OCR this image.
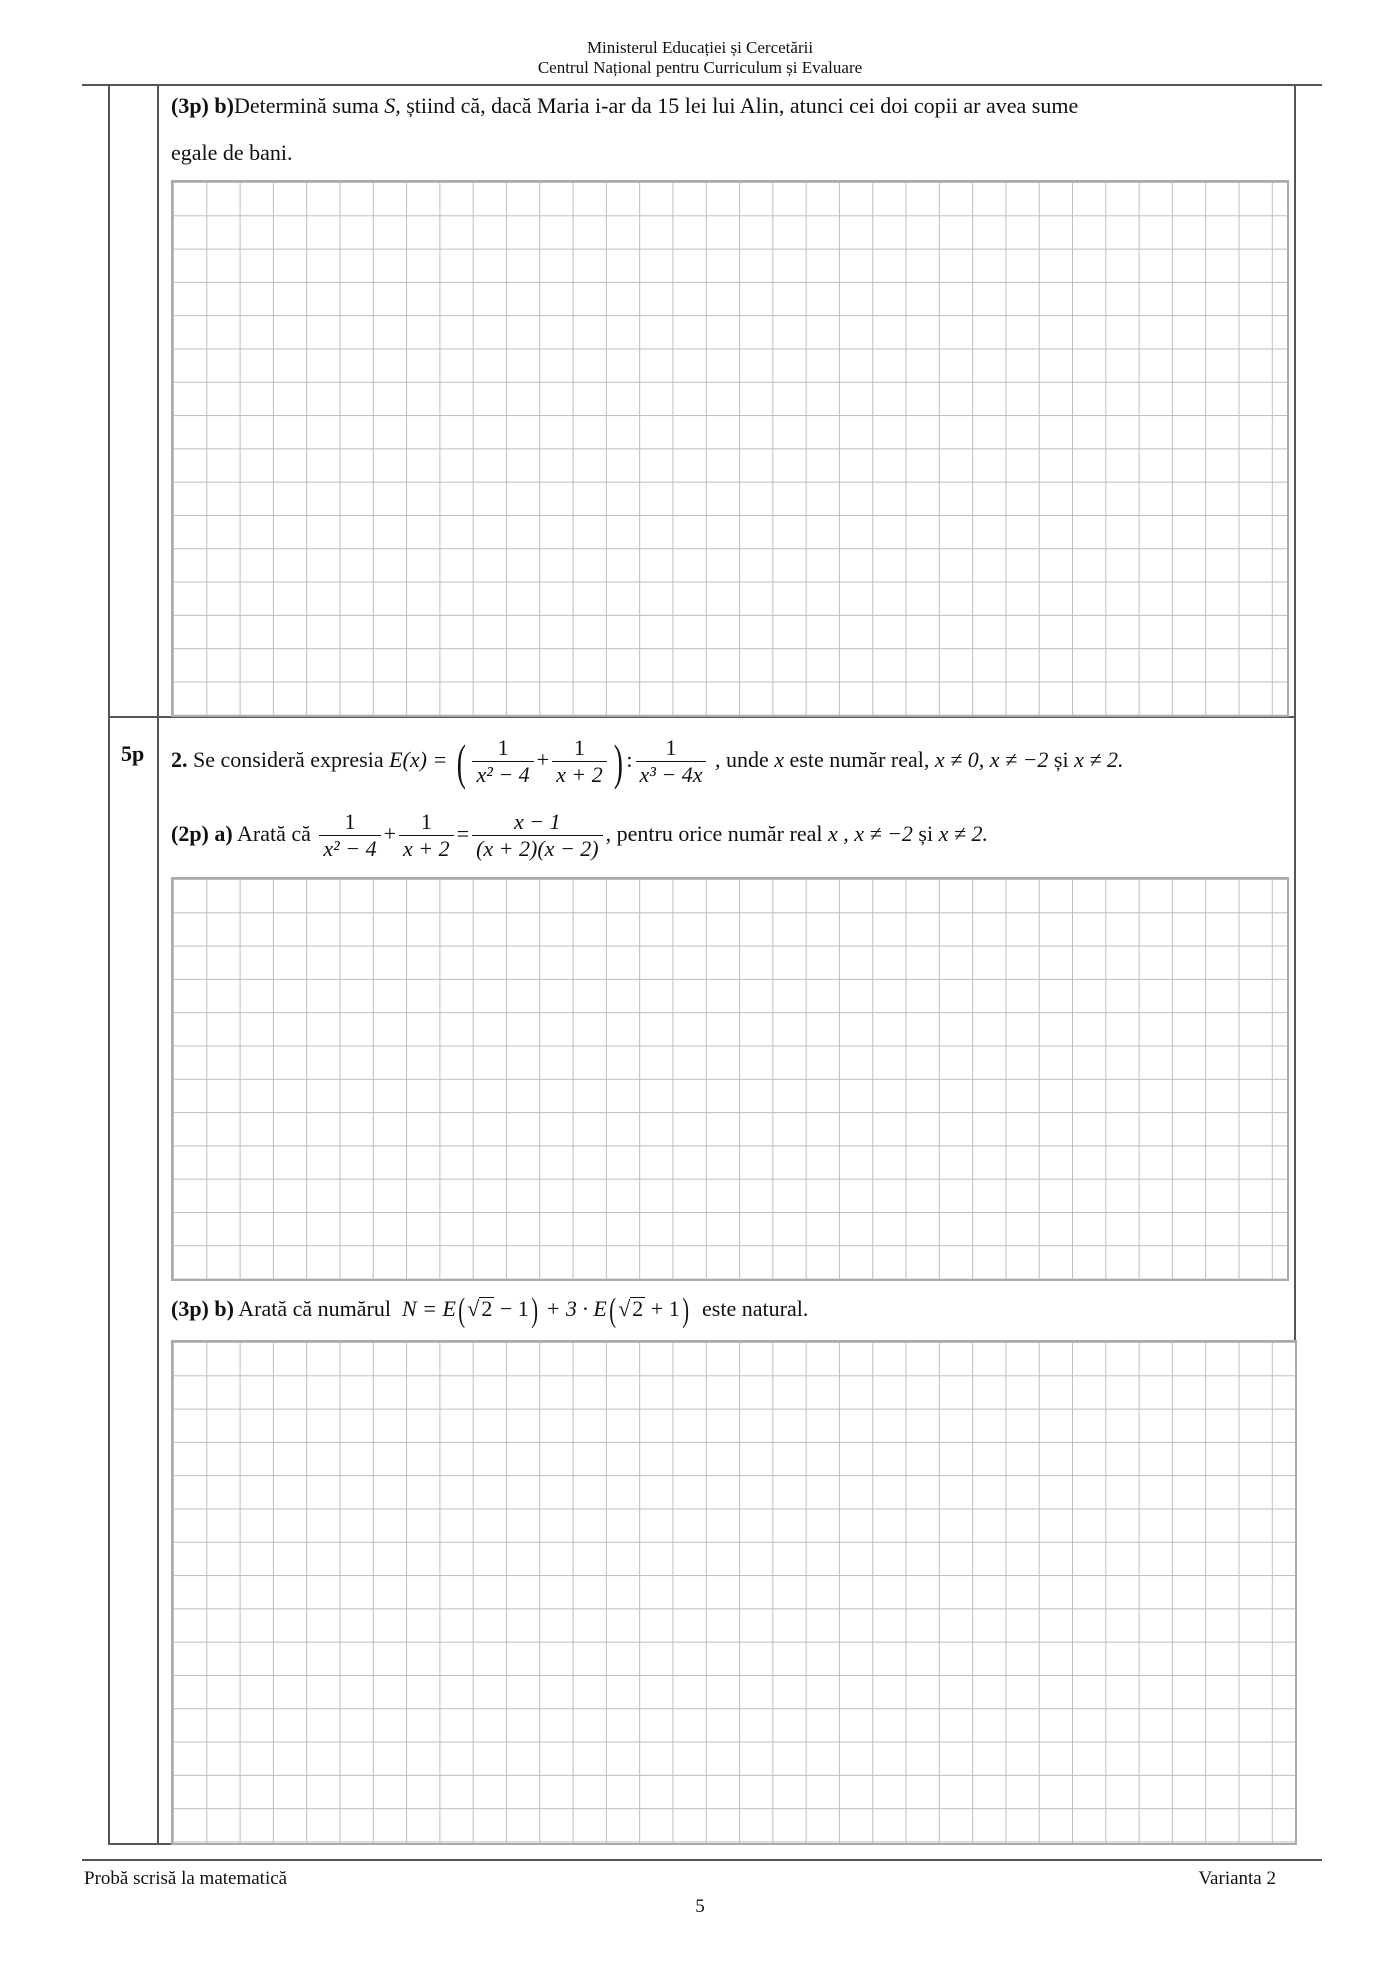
Ministerul Educației și Cercetării
Centrul Național pentru Curriculum și Evaluare
(3p) b)Determină suma S, știind că, dacă Maria i-ar da 15 lei lui Alin, atunci cei doi copii ar avea sume
egale de bani.
5p 2. Se consideră expresia E(x) = ( $\frac{1}{\text{x² − 4}} + \frac{1}{x + 2}$ ) : $\frac{1}{\text{x³ − 4x}}$ , unde x este număr real, x ≠ 0, x ≠ −2 și x ≠ 2.
(2p) a) Arată că $\frac{1}{\text{x² − 4}} + \frac{1}{x + 2} = \frac{x - 1}{(x + 2)(x - 2)}$ , pentru orice număr real x , x ≠ −2 și x ≠ 2.
(3p) b) Arată că numărul N = E( √2 − 1) + 3 · E( √2 + 1) este natural.
Probă scrisă la matematică	Varianta 2
5
